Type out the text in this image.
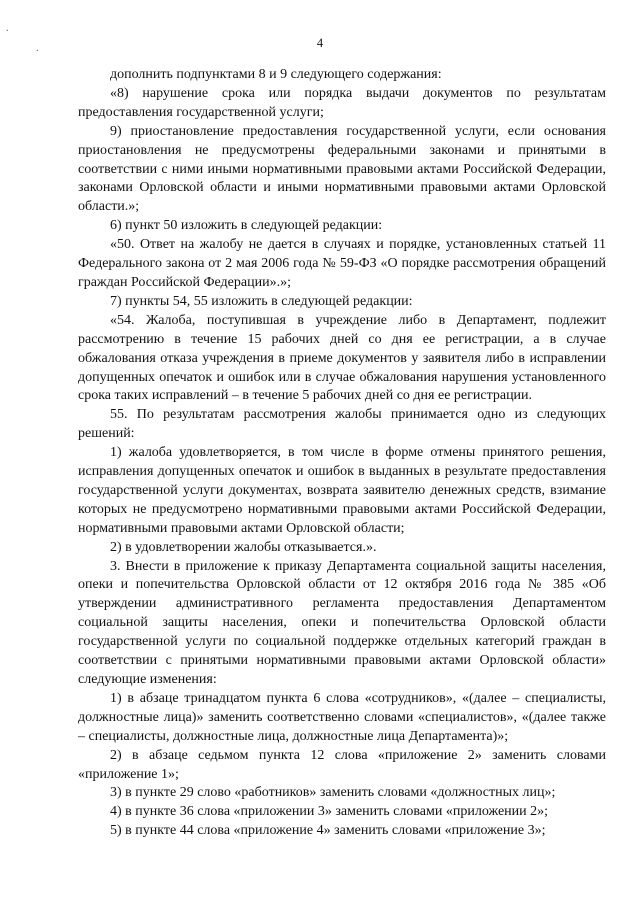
.
.	4

дополнить подпунктами 8 и 9 следующего содержания:

«8) нарушение срока или порядка выдачи документов по результатам предоставления государственной услуги;

9) приостановление предоставления государственной услуги, если основания приостановления не предусмотрены федеральными законами и принятыми в соответствии с ними иными нормативными правовыми актами Российской Федерации, законами Орловской области и иными нормативными правовыми актами Орловской области.»;

6) пункт 50 изложить в следующей редакции:

«50. Ответ на жалобу не дается в случаях и порядке, установленных статьей 11 Федерального закона от 2 мая 2006 года № 59-ФЗ «О порядке рассмотрения обращений граждан Российской Федерации».»;

7) пункты 54, 55 изложить в следующей редакции:

«54. Жалоба, поступившая в учреждение либо в Департамент, подлежит рассмотрению в течение 15 рабочих дней со дня ее регистрации, а в случае обжалования отказа учреждения в приеме документов у заявителя либо в исправлении допущенных опечаток и ошибок или в случае обжалования нарушения установленного срока таких исправлений – в течение 5 рабочих дней со дня ее регистрации.

55. По результатам рассмотрения жалобы принимается одно из следующих решений:

1) жалоба удовлетворяется, в том числе в форме отмены принятого решения, исправления допущенных опечаток и ошибок в выданных в результате предоставления государственной услуги документах, возврата заявителю денежных средств, взимание которых не предусмотрено нормативными правовыми актами Российской Федерации, нормативными правовыми актами Орловской области;

2) в удовлетворении жалобы отказывается.».

3. Внести в приложение к приказу Департамента социальной защиты населения, опеки и попечительства Орловской области от 12 октября 2016 года № 385 «Об утверждении административного регламента предоставления Департаментом социальной защиты населения, опеки и попечительства Орловской области государственной услуги по социальной поддержке отдельных категорий граждан в соответствии с принятыми нормативными правовыми актами Орловской области» следующие изменения:

1) в абзаце тринадцатом пункта 6 слова «сотрудников», «(далее – специалисты, должностные лица)» заменить соответственно словами «специалистов», «(далее также – специалисты, должностные лица, должностные лица Департамента)»;

2) в абзаце седьмом пункта 12 слова «приложение 2» заменить словами «приложение 1»;

3) в пункте 29 слово «работников» заменить словами «должностных лиц»;

4) в пункте 36 слова «приложении 3» заменить словами «приложении 2»;

5) в пункте 44 слова «приложение 4» заменить словами «приложение 3»;
